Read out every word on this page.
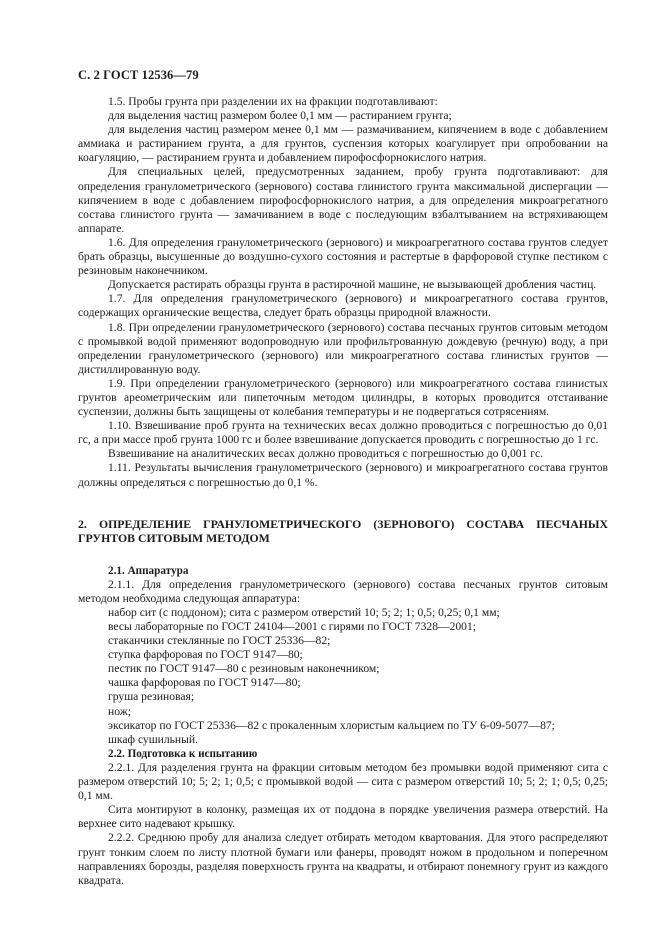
С. 2 ГОСТ 12536—79

1.5. Пробы грунта при разделении их на фракции подготавливают:

для выделения частиц размером более 0,1 мм — растиранием грунта;

для выделения частиц размером менее 0,1 мм — размачиванием, кипячением в воде с добавлением аммиака и растиранием грунта, а для грунтов, суспензия которых коагулирует при опробовании на коагуляцию, — растиранием грунта и добавлением пирофосфорнокислого натрия.

Для специальных целей, предусмотренных заданием, пробу грунта подготавливают: для определения гранулометрического (зернового) состава глинистого грунта максимальной диспергации — кипячением в воде с добавлением пирофосфорнокислого натрия, а для определения микроагрегатного состава глинистого грунта — замачиванием в воде с последующим взбалтыванием на встряхивающем аппарате.

1.6. Для определения гранулометрического (зернового) и микроагрегатного состава грунтов следует брать образцы, высушенные до воздушно-сухого состояния и растертые в фарфоровой ступке пестиком с резиновым наконечником.

Допускается растирать образцы грунта в растирочной машине, не вызывающей дробления частиц.

1.7. Для определения гранулометрического (зернового) и микроагрегатного состава грунтов, содержащих органические вещества, следует брать образцы природной влажности.

1.8. При определении гранулометрического (зернового) состава песчаных грунтов ситовым методом с промывкой водой применяют водопроводную или профильтрованную дождевую (речную) воду, а при определении гранулометрического (зернового) или микроагрегатного состава глинистых грунтов — дистиллированную воду.

1.9. При определении гранулометрического (зернового) или микроагрегатного состава глинистых грунтов ареометрическим или пипеточным методом цилиндры, в которых проводится отстаивание суспензии, должны быть защищены от колебания температуры и не подвергаться сотрясениям.

1.10. Взвешивание проб грунта на технических весах должно проводиться с погрешностью до 0,01 гс, а при массе проб грунта 1000 гс и более взвешивание допускается проводить с погрешностью до 1 гс.

Взвешивание на аналитических весах должно проводиться с погрешностью до 0,001 гс.

1.11. Результаты вычисления гранулометрического (зернового) и микроагрегатного состава грунтов должны определяться с погрешностью до 0,1 %.

2. ОПРЕДЕЛЕНИЕ ГРАНУЛОМЕТРИЧЕСКОГО (ЗЕРНОВОГО) СОСТАВА ПЕСЧАНЫХ ГРУНТОВ СИТОВЫМ МЕТОДОМ

2.1. Аппаратура

2.1.1. Для определения гранулометрического (зернового) состава песчаных грунтов ситовым методом необходима следующая аппаратура:

набор сит (с поддоном); сита с размером отверстий 10; 5; 2; 1; 0,5; 0,25; 0,1 мм;

весы лабораторные по ГОСТ 24104—2001 с гирями по ГОСТ 7328—2001;

стаканчики стеклянные по ГОСТ 25336—82;

ступка фарфоровая по ГОСТ 9147—80;

пестик по ГОСТ 9147—80 с резиновым наконечником;

чашка фарфоровая по ГОСТ 9147—80;

груша резиновая;

нож;

эксикатор по ГОСТ 25336—82 с прокаленным хлористым кальцием по ТУ 6-09-5077—87;

шкаф сушильный.

2.2. Подготовка к испытанию

2.2.1. Для разделения грунта на фракции ситовым методом без промывки водой применяют сита с размером отверстий 10; 5; 2; 1; 0,5; с промывкой водой — сита с размером отверстий 10; 5; 2; 1; 0,5; 0,25; 0,1 мм.

Сита монтируют в колонку, размещая их от поддона в порядке увеличения размера отверстий. На верхнее сито надевают крышку.

2.2.2. Среднюю пробу для анализа следует отбирать методом квартования. Для этого распределяют грунт тонким слоем по листу плотной бумаги или фанеры, проводят ножом в продольном и поперечном направлениях борозды, разделяя поверхность грунта на квадраты, и отбирают понемногу грунт из каждого квадрата.
